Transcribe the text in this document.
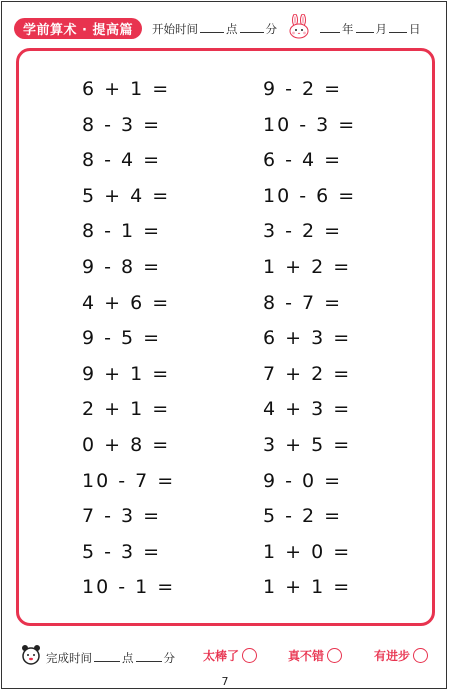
学前算术 · 提高篇 开始时间 点 分	年 月 日
6 + 1 =
8 - 3 =
8 - 4 =
5 + 4 =
8 - 1 =
9 - 8 =
4 + 6 =
9 - 5 =
9 + 1 =
2 + 1 =
0 + 8 =
10 - 7 =
7 - 3 =
5 - 3 =
10 - 1 =
9 - 2 =
10 - 3 =
6 - 4 =
10 - 6 =
3 - 2 =
1 + 2 =
8 - 7 =
6 + 3 =
7 + 2 =
4 + 3 =
3 + 5 =
9 - 0 =
5 - 2 =
1 + 0 =
1 + 1 =
完成时间	点	分 太棒了	真不错	有进步
7
